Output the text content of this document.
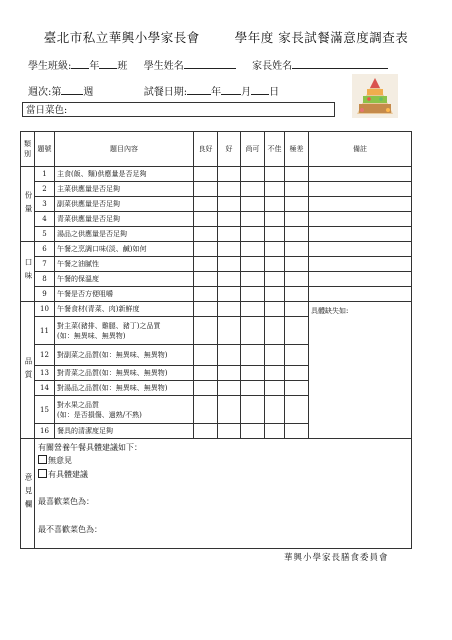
臺北市私立華興小學家長會	學年度 家長試餐滿意度調查表
學生班級: 年 班 學生姓名	家長姓名
週次:第 週	試餐日期: 年 月 日
當日菜色:
類別	題號	題目內容	良好	好	尚可	不佳	極差	備註

份量	1	主食(飯、麵)供應量是否足夠						
	2	主菜供應量是否足夠						
	3	副菜供應量是否足夠						
	4	青菜供應量是否足夠						
	5	湯品之供應量是否足夠						

口味	6	午餐之烹調口味(淡、鹹)如何						
	7	午餐之油膩性						
	8	午餐的保溫度						
	9	午餐是否方便咀嚼						

品質	10	午餐食材(青菜、肉)新鮮度						具體缺失如:
	11	對主菜(豬排、雞腿、豬丁)之品質
(如：無異味、無異物)						

	12	對副菜之品質(如：無異味、無異物)						
	13	對青菜之品質(如：無異味、無異物)						
	14	對湯品之品質(如：無異味、無異物)						
	15	對水果之品質
(如：是否損傷、過熟/不熟)						

	16	餐具的清潔度足夠						

意見欄	有關營養午餐具體建議如下：
無意見
有具體建議
最喜歡菜色為：
最不喜歡菜色為：							
華興小學家長膳食委員會
